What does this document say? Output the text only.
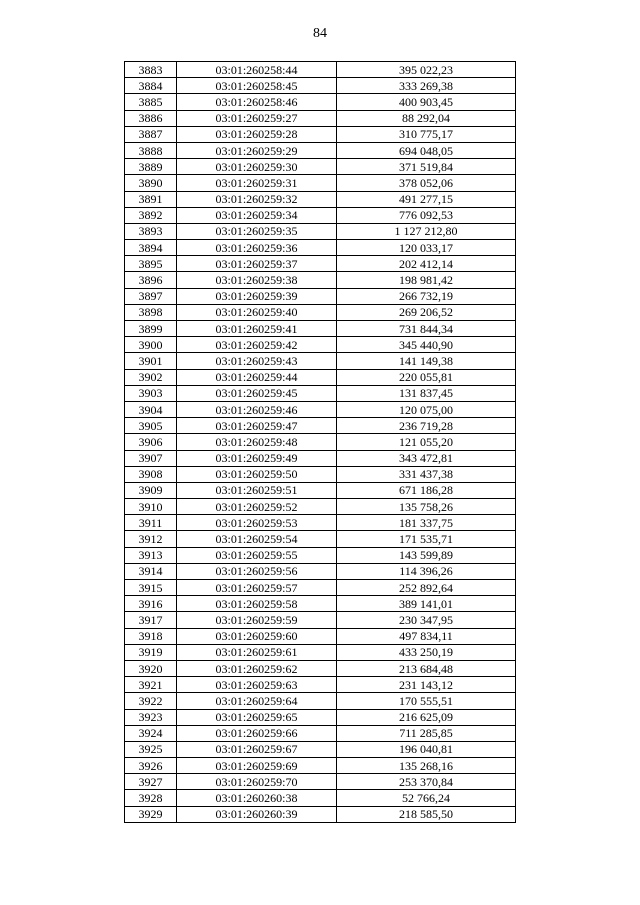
84
3883	03:01:260258:44	395 022,23
3884	03:01:260258:45	333 269,38
3885	03:01:260258:46	400 903,45
3886	03:01:260259:27	88 292,04
3887	03:01:260259:28	310 775,17
3888	03:01:260259:29	694 048,05
3889	03:01:260259:30	371 519,84
3890	03:01:260259:31	378 052,06
3891	03:01:260259:32	491 277,15
3892	03:01:260259:34	776 092,53
3893	03:01:260259:35	1 127 212,80
3894	03:01:260259:36	120 033,17
3895	03:01:260259:37	202 412,14
3896	03:01:260259:38	198 981,42
3897	03:01:260259:39	266 732,19
3898	03:01:260259:40	269 206,52
3899	03:01:260259:41	731 844,34
3900	03:01:260259:42	345 440,90
3901	03:01:260259:43	141 149,38
3902	03:01:260259:44	220 055,81
3903	03:01:260259:45	131 837,45
3904	03:01:260259:46	120 075,00
3905	03:01:260259:47	236 719,28
3906	03:01:260259:48	121 055,20
3907	03:01:260259:49	343 472,81
3908	03:01:260259:50	331 437,38
3909	03:01:260259:51	671 186,28
3910	03:01:260259:52	135 758,26
3911	03:01:260259:53	181 337,75
3912	03:01:260259:54	171 535,71
3913	03:01:260259:55	143 599,89
3914	03:01:260259:56	114 396,26
3915	03:01:260259:57	252 892,64
3916	03:01:260259:58	389 141,01
3917	03:01:260259:59	230 347,95
3918	03:01:260259:60	497 834,11
3919	03:01:260259:61	433 250,19
3920	03:01:260259:62	213 684,48
3921	03:01:260259:63	231 143,12
3922	03:01:260259:64	170 555,51
3923	03:01:260259:65	216 625,09
3924	03:01:260259:66	711 285,85
3925	03:01:260259:67	196 040,81
3926	03:01:260259:69	135 268,16
3927	03:01:260259:70	253 370,84
3928	03:01:260260:38	52 766,24
3929	03:01:260260:39	218 585,50
